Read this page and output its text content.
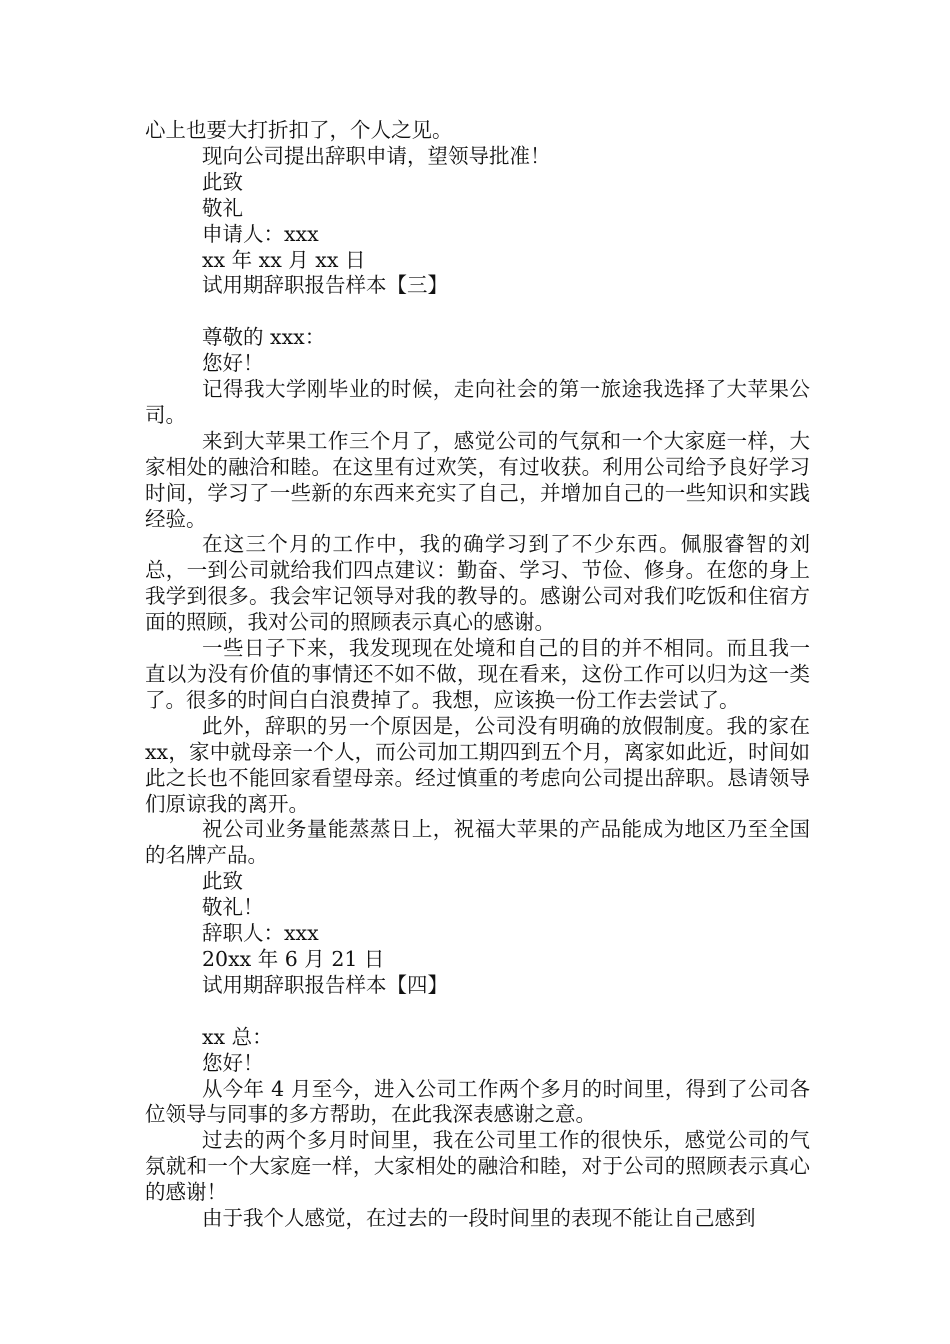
心上也要大打折扣了，个人之见。

现向公司提出辞职申请，望领导批准！

此致

敬礼

申请人：xxx

xx 年 xx 月 xx 日

试用期辞职报告样本【三】

尊敬的 xxx：

您好！

记得我大学刚毕业的时候，走向社会的第一旅途我选择了大苹果公司。

来到大苹果工作三个月了，感觉公司的气氛和一个大家庭一样，大家相处的融洽和睦。在这里有过欢笑，有过收获。利用公司给予良好学习时间，学习了一些新的东西来充实了自己，并增加自己的一些知识和实践经验。

在这三个月的工作中，我的确学习到了不少东西。佩服睿智的刘总，一到公司就给我们四点建议：勤奋、学习、节俭、修身。在您的身上我学到很多。我会牢记领导对我的教导的。感谢公司对我们吃饭和住宿方面的照顾，我对公司的照顾表示真心的感谢。

一些日子下来，我发现现在处境和自己的目的并不相同。而且我一直以为没有价值的事情还不如不做，现在看来，这份工作可以归为这一类了。很多的时间白白浪费掉了。我想，应该换一份工作去尝试了。

此外，辞职的另一个原因是，公司没有明确的放假制度。我的家在 xx，家中就母亲一个人，而公司加工期四到五个月，离家如此近，时间如此之长也不能回家看望母亲。经过慎重的考虑向公司提出辞职。恳请领导们原谅我的离开。

祝公司业务量能蒸蒸日上，祝福大苹果的产品能成为地区乃至全国的名牌产品。

此致

敬礼！

辞职人：xxx

20xx 年 6 月 21 日

试用期辞职报告样本【四】

xx 总：

您好！

从今年 4 月至今，进入公司工作两个多月的时间里，得到了公司各位领导与同事的多方帮助，在此我深表感谢之意。

过去的两个多月时间里，我在公司里工作的很快乐，感觉公司的气氛就和一个大家庭一样，大家相处的融洽和睦，对于公司的照顾表示真心的感谢！

由于我个人感觉，在过去的一段时间里的表现不能让自己感到
